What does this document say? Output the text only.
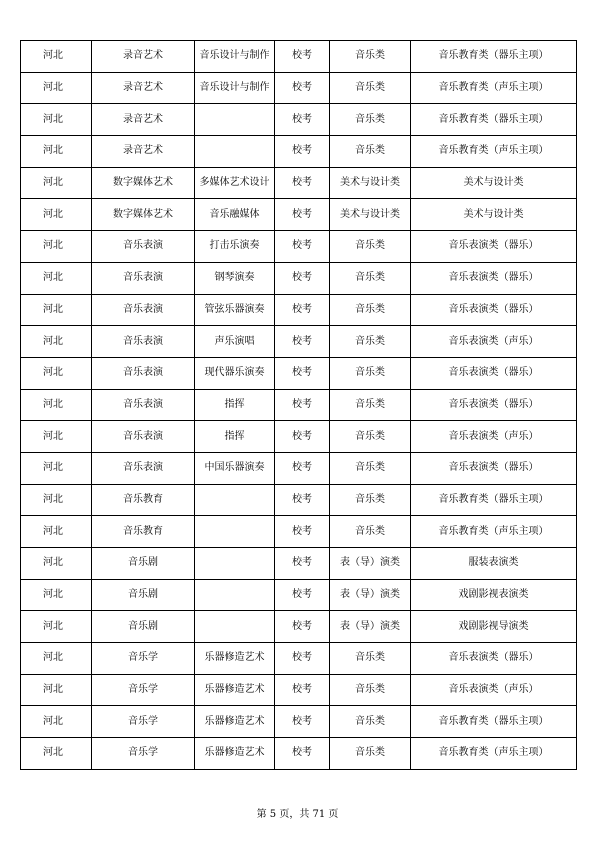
河北	录音艺术	音乐设计与制作	校考	音乐类	音乐教育类（器乐主项）
河北	录音艺术	音乐设计与制作	校考	音乐类	音乐教育类（声乐主项）
河北	录音艺术		校考	音乐类	音乐教育类（器乐主项）
河北	录音艺术		校考	音乐类	音乐教育类（声乐主项）
河北	数字媒体艺术	多媒体艺术设计	校考	美术与设计类	美术与设计类
河北	数字媒体艺术	音乐融媒体	校考	美术与设计类	美术与设计类
河北	音乐表演	打击乐演奏	校考	音乐类	音乐表演类（器乐）
河北	音乐表演	钢琴演奏	校考	音乐类	音乐表演类（器乐）
河北	音乐表演	管弦乐器演奏	校考	音乐类	音乐表演类（器乐）
河北	音乐表演	声乐演唱	校考	音乐类	音乐表演类（声乐）
河北	音乐表演	现代器乐演奏	校考	音乐类	音乐表演类（器乐）
河北	音乐表演	指挥	校考	音乐类	音乐表演类（器乐）
河北	音乐表演	指挥	校考	音乐类	音乐表演类（声乐）
河北	音乐表演	中国乐器演奏	校考	音乐类	音乐表演类（器乐）
河北	音乐教育		校考	音乐类	音乐教育类（器乐主项）
河北	音乐教育		校考	音乐类	音乐教育类（声乐主项）
河北	音乐剧		校考	表（导）演类	服装表演类
河北	音乐剧		校考	表（导）演类	戏剧影视表演类
河北	音乐剧		校考	表（导）演类	戏剧影视导演类
河北	音乐学	乐器修造艺术	校考	音乐类	音乐表演类（器乐）
河北	音乐学	乐器修造艺术	校考	音乐类	音乐表演类（声乐）
河北	音乐学	乐器修造艺术	校考	音乐类	音乐教育类（器乐主项）
河北	音乐学	乐器修造艺术	校考	音乐类	音乐教育类（声乐主项）
第 5 页，共 71 页
